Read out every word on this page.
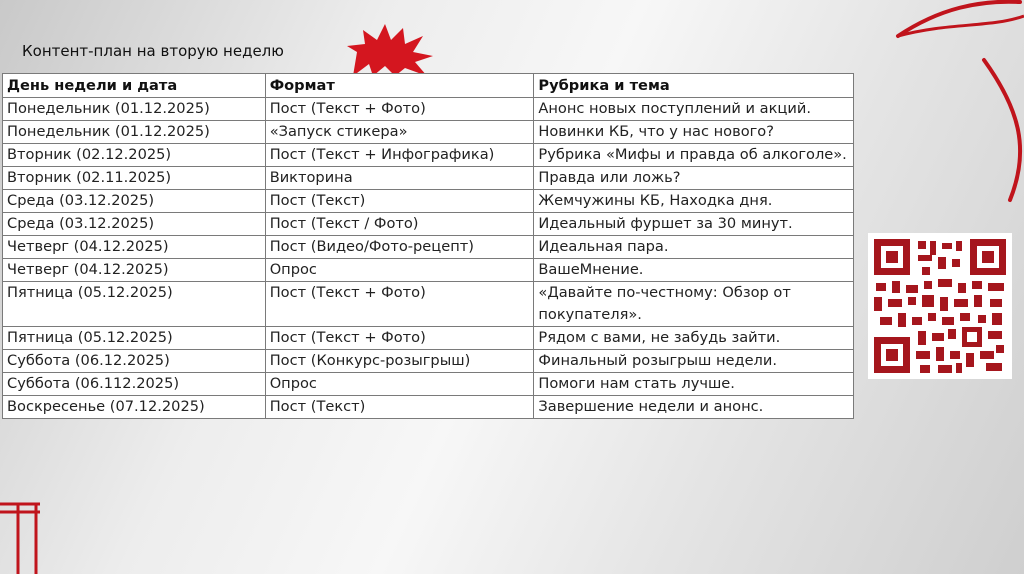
Контент-план на вторую неделю
День недели и дата	Формат	Рубрика и тема
Понедельник (01.12.2025)	Пост (Текст + Фото)	Анонс новых поступлений и акций.
Понедельник (01.12.2025)	«Запуск стикера»	Новинки КБ, что у нас нового?
Вторник (02.12.2025)	Пост (Текст + Инфографика)	Рубрика «Мифы и правда об алкоголе».
Вторник (02.11.2025)	Викторина	Правда или ложь?
Среда (03.12.2025)	Пост (Текст)	Жемчужины КБ, Находка дня.
Среда (03.12.2025)	Пост (Текст / Фото)	Идеальный фуршет за 30 минут.
Четверг (04.12.2025)	Пост (Видео/Фото-рецепт)	Идеальная пара.
Четверг (04.12.2025)	Опрос	ВашеМнение.
Пятница (05.12.2025)	Пост (Текст + Фото)	«Давайте по-честному: Обзор от покупателя».
Пятница (05.12.2025)	Пост (Текст + Фото)	Рядом с вами, не забудь зайти.
Суббота (06.12.2025)	Пост (Конкурс-розыгрыш)	Финальный розыгрыш недели.
Суббота (06.112.2025)	Опрос	Помоги нам стать лучше.
Воскресенье (07.12.2025)	Пост (Текст)	Завершение недели и анонс.
